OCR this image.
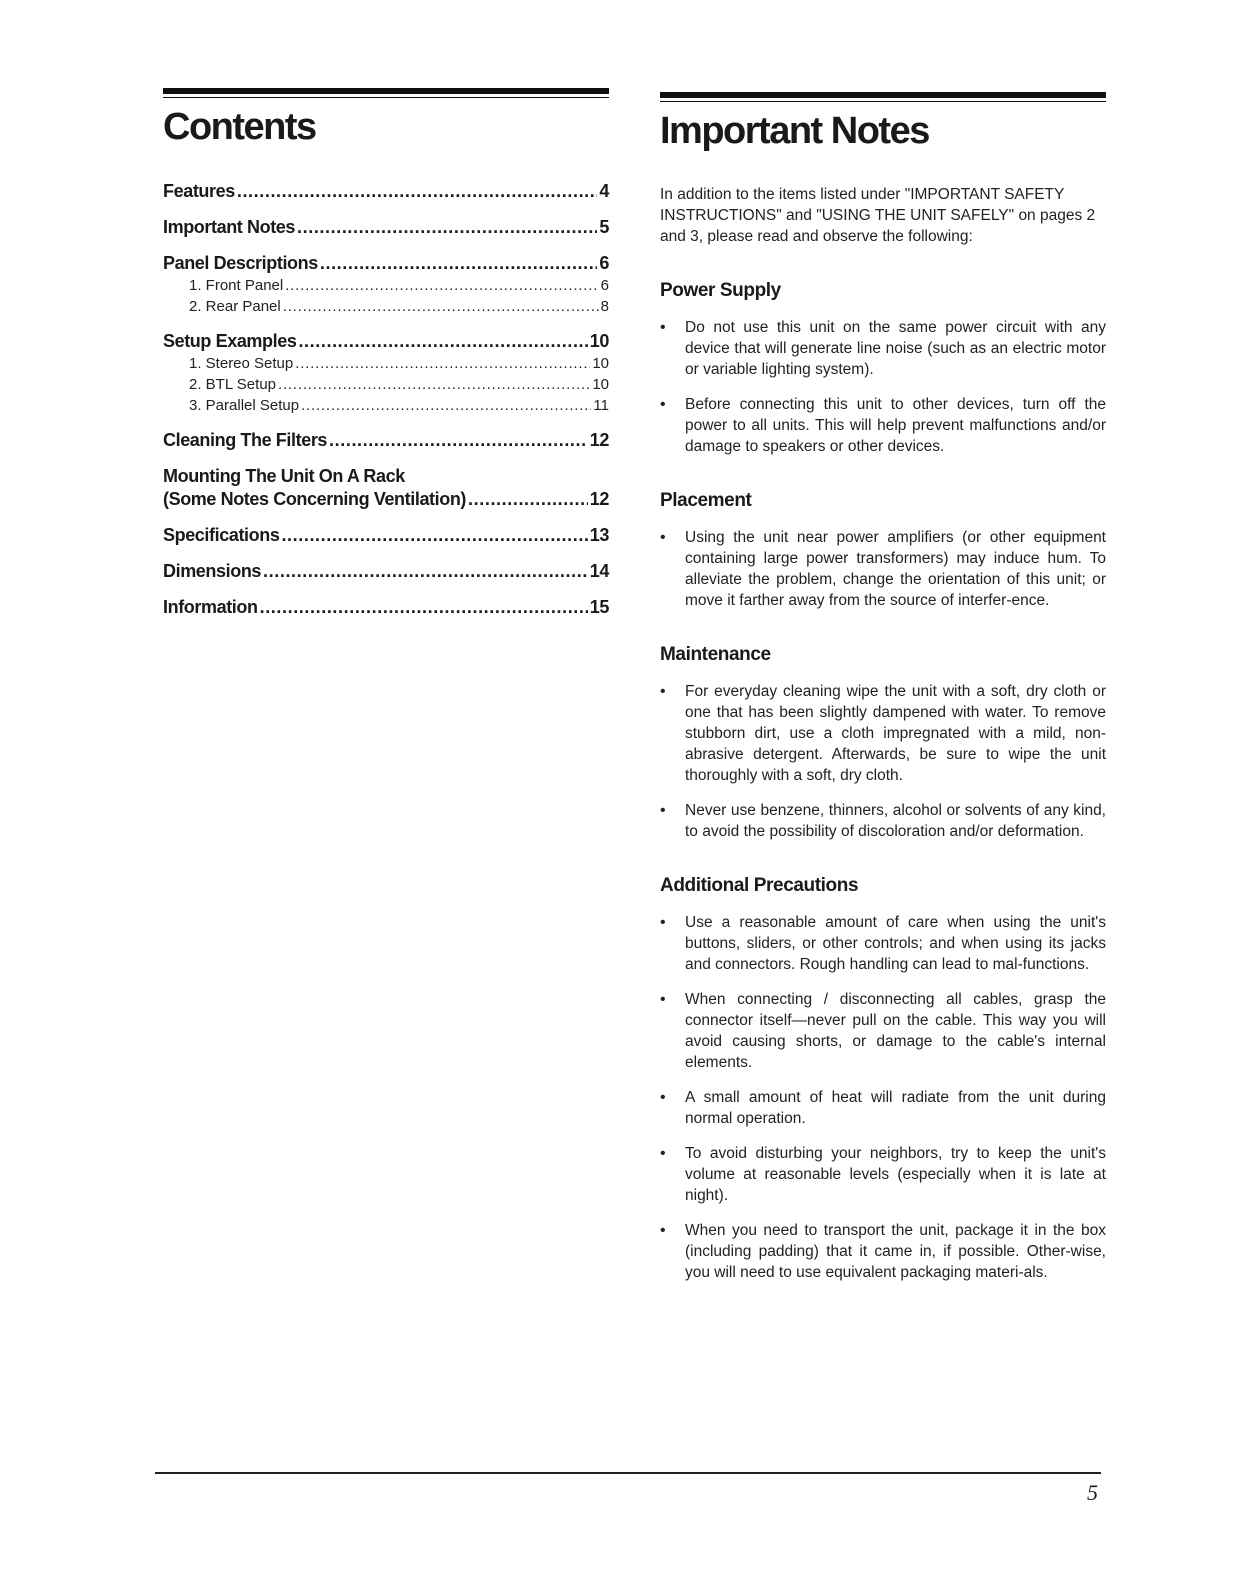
Contents
Features . . .	4
Important Notes . . .	5
Panel Descriptions . . .	6
1. Front Panel .....	6
2. Rear Panel .....	8
Setup Examples . . .	10
1. Stereo Setup .....	10
2. BTL Setup .....	10
3. Parallel Setup .....	11
Cleaning The Filters . . .	12
Mounting The Unit On A Rack
(Some Notes Concerning Ventilation) . . .	12
Specifications . . .	13
Dimensions . . .	14
Information . . .	15
Important Notes

In addition to the items listed under "IMPORTANT SAFETY INSTRUCTIONS" and "USING THE UNIT SAFELY" on pages 2 and 3, please read and observe the following:

Power Supply
• Do not use this unit on the same power circuit with any device that will generate line noise (such as an electric motor or variable lighting system).
• Before connecting this unit to other devices, turn off the power to all units. This will help prevent malfunctions and/or damage to speakers or other devices.
Placement
• Using the unit near power amplifiers (or other equipment containing large power transformers) may induce hum. To alleviate the problem, change the orientation of this unit; or move it farther away from the source of interfer-ence.
Maintenance
• For everyday cleaning wipe the unit with a soft, dry cloth or one that has been slightly dampened with water. To remove stubborn dirt, use a cloth impregnated with a mild, non-abrasive detergent. Afterwards, be sure to wipe the unit thoroughly with a soft, dry cloth.
• Never use benzene, thinners, alcohol or solvents of any kind, to avoid the possibility of discoloration and/or deformation.
Additional Precautions
• Use a reasonable amount of care when using the unit's buttons, sliders, or other controls; and when using its jacks and connectors. Rough handling can lead to mal-functions.
• When connecting / disconnecting all cables, grasp the connector itself—never pull on the cable. This way you will avoid causing shorts, or damage to the cable's internal elements.
• A small amount of heat will radiate from the unit during normal operation.
• To avoid disturbing your neighbors, try to keep the unit's volume at reasonable levels (especially when it is late at night).
• When you need to transport the unit, package it in the box (including padding) that it came in, if possible. Other-wise, you will need to use equivalent packaging materi-als.
5
